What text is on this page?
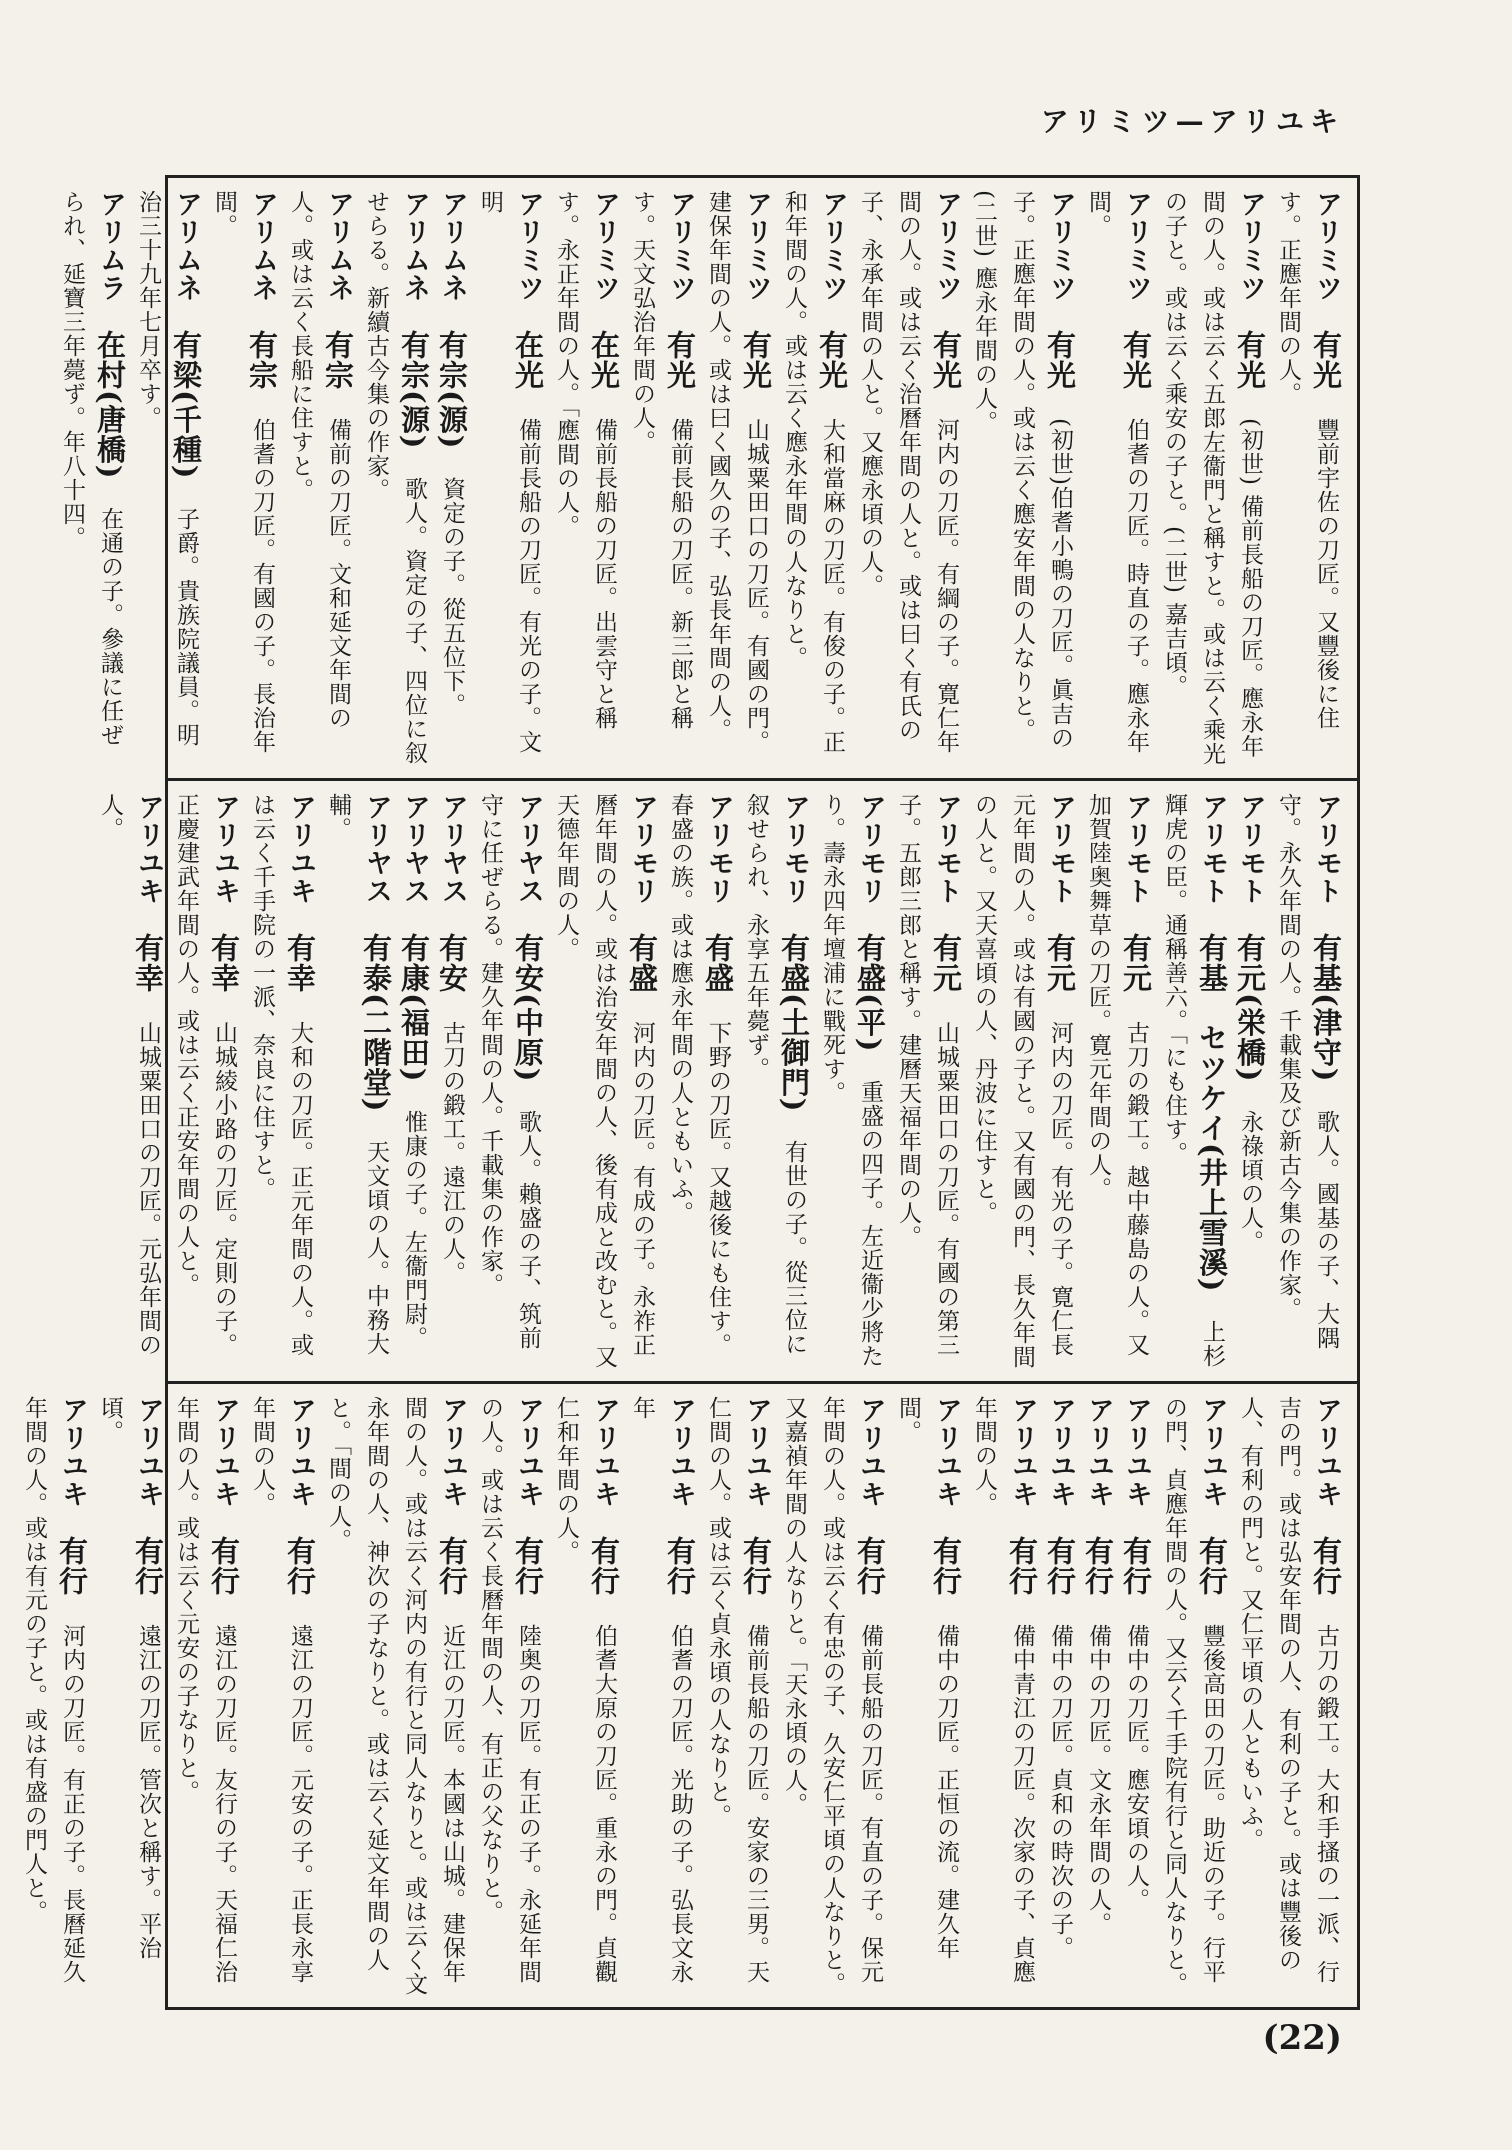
アリミツ—アリユキ
アリミツ　有光　豐前宇佐の刀匠。又豐後に住す。正應年間の人。
アリミツ　有光　(初世) 備前長船の刀匠。應永年間の人。或は云く五郎左衞門と稱すと。或は云く乘光の子と。或は云く乘安の子と。(二世) 嘉吉頃。
アリミツ　有光　伯耆の刀匠。時直の子。應永年間。
アリミツ　有光　(初世)伯耆小鴨の刀匠。眞吉の子。正應年間の人。或は云く應安年間の人なりと。(二世) 應永年間の人。
アリミツ　有光　河内の刀匠。有綱の子。寛仁年間の人。或は云く治曆年間の人と。或は曰く有氏の子、永承年間の人と。又應永頃の人。
アリミツ　有光　大和當麻の刀匠。有俊の子。正和年間の人。或は云く應永年間の人なりと。
アリミツ　有光　山城粟田口の刀匠。有國の門。建保年間の人。或は曰く國久の子、弘長年間の人。
アリミツ　有光　備前長船の刀匠。新三郎と稱す。天文弘治年間の人。
アリミツ　在光　備前長船の刀匠。出雲守と稱す。永正年間の人。「應間の人。
アリミツ　在光　備前長船の刀匠。有光の子。文明
アリムネ　有宗(源)　資定の子。從五位下。
アリムネ　有宗(源)　歌人。資定の子、四位に叙せらる。新續古今集の作家。
アリムネ　有宗　備前の刀匠。文和延文年間の人。或は云く長船に住すと。
アリムネ　有宗　伯耆の刀匠。有國の子。長治年間。
アリムネ　有梁(千種)　子爵。貴族院議員。明治三十九年七月卒す。
アリムラ　在村(唐橋)　在通の子。參議に任ぜられ、延寶三年薨ず。年八十四。
アリモト　有基(津守)　歌人。國基の子、大隅守。永久年間の人。千載集及び新古今集の作家。
アリモト　有元(栄橋)　永祿頃の人。
アリモト　有基　セツケイ(井上雪溪)　上杉輝虎の臣。通稱善六。「にも住す。
アリモト　有元　古刀の鍛工。越中藤島の人。又加賀陸奥舞草の刀匠。寛元年間の人。
アリモト　有元　河内の刀匠。有光の子。寛仁長元年間の人。或は有國の子と。又有國の門、長久年間の人と。又天喜頃の人、丹波に住すと。
アリモト　有元　山城粟田口の刀匠。有國の第三子。五郎三郎と稱す。建曆天福年間の人。
アリモリ　有盛(平)　重盛の四子。左近衞少將たり。壽永四年壇浦に戰死す。
アリモリ　有盛(土御門)　有世の子。從三位に叙せられ、永享五年薨ず。
アリモリ　有盛　下野の刀匠。又越後にも住す。春盛の族。或は應永年間の人ともいふ。
アリモリ　有盛　河内の刀匠。有成の子。永祚正曆年間の人。或は治安年間の人、後有成と改むと。又天德年間の人。
アリヤス　有安(中原)　歌人。賴盛の子、筑前守に任ぜらる。建久年間の人。千載集の作家。
アリヤス　有安　古刀の鍛工。遠江の人。
アリヤス　有康(福田)　惟康の子。左衞門尉。
アリヤス　有泰(二階堂)　天文頃の人。中務大輔。
アリユキ　有幸　大和の刀匠。正元年間の人。或は云く千手院の一派、奈良に住すと。
アリユキ　有幸　山城綾小路の刀匠。定則の子。正慶建武年間の人。或は云く正安年間の人と。
アリユキ　有幸　山城粟田口の刀匠。元弘年間の人。
アリユキ　有行　古刀の鍛工。大和手搔の一派、行吉の門。或は弘安年間の人、有利の子と。或は豐後の人、有利の門と。又仁平頃の人ともいふ。
アリユキ　有行　豐後高田の刀匠。助近の子。行平の門、貞應年間の人。又云く千手院有行と同人なりと。
アリユキ　有行　備中の刀匠。應安頃の人。
アリユキ　有行　備中の刀匠。文永年間の人。
アリユキ　有行　備中の刀匠。貞和の時次の子。
アリユキ　有行　備中青江の刀匠。次家の子、貞應年間の人。
アリユキ　有行　備中の刀匠。正恒の流。建久年間。
アリユキ　有行　備前長船の刀匠。有直の子。保元年間の人。或は云く有忠の子、久安仁平頃の人なりと。又嘉禎年間の人なりと。「天永頃の人。
アリユキ　有行　備前長船の刀匠。安家の三男。天仁間の人。或は云く貞永頃の人なりと。
アリユキ　有行　伯耆の刀匠。光助の子。弘長文永年
アリユキ　有行　伯耆大原の刀匠。重永の門。貞觀仁和年間の人。
アリユキ　有行　陸奥の刀匠。有正の子。永延年間の人。或は云く長曆年間の人、有正の父なりと。
アリユキ　有行　近江の刀匠。本國は山城。建保年間の人。或は云く河内の有行と同人なりと。或は云く文永年間の人、神次の子なりと。或は云く延文年間の人と。「間の人。
アリユキ　有行　遠江の刀匠。元安の子。正長永享年間の人。
アリユキ　有行　遠江の刀匠。友行の子。天福仁治年間の人。或は云く元安の子なりと。
アリユキ　有行　遠江の刀匠。管次と稱す。平治頃。
アリユキ　有行　河内の刀匠。有正の子。長曆延久年間の人。或は有元の子と。或は有盛の門人と。
(22)
